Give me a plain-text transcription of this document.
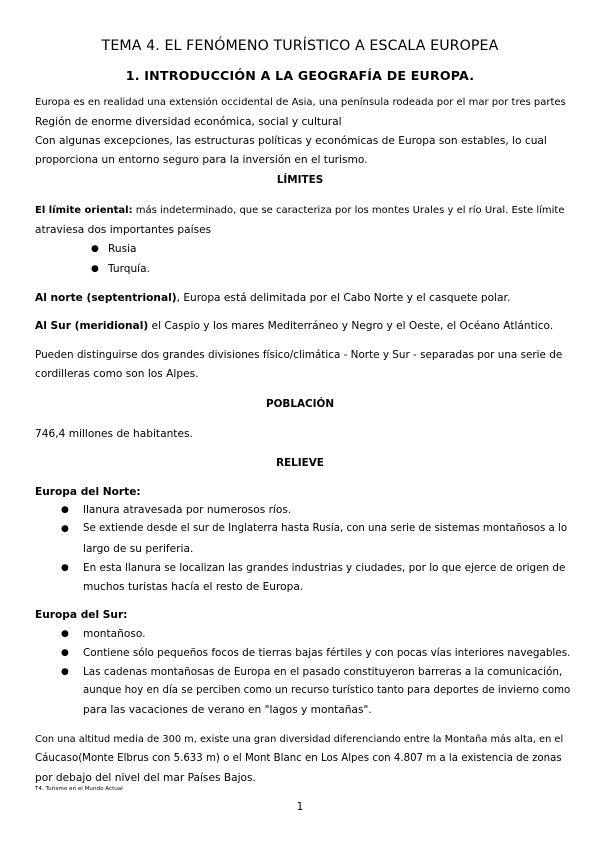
TEMA 4. EL FENÓMENO TURÍSTICO A ESCALA EUROPEA
1. INTRODUCCIÓN A LA GEOGRAFÍA DE EUROPA.
Europa es en realidad una extensión occidental de Asia, una península rodeada por el mar por tres partes
Región de enorme diversidad económica, social y cultural
Con algunas excepciones, las estructuras políticas y económicas de Europa son estables, lo cual
proporciona un entorno seguro para la inversión en el turismo.
LÍMITES
El límite oriental: más indeterminado, que se caracteriza por los montes Urales y el río Ural. Este límite
atraviesa dos importantes países
● Rusia
● Turquía.
Al norte (septentrional), Europa está delimitada por el Cabo Norte y el casquete polar.
Al Sur (meridional) el Caspio y los mares Mediterráneo y Negro y el Oeste, el Océano Atlántico.
Pueden distinguirse dos grandes divisiones físico/climática - Norte y Sur - separadas por una serie de
cordilleras como son los Alpes.
POBLACIÓN
746,4 millones de habitantes.
RELIEVE
Europa del Norte:
● llanura atravesada por numerosos ríos.
● Se extiende desde el sur de Inglaterra hasta Rusia, con una serie de sistemas montañosos a lo
largo de su periferia.
● En esta llanura se localizan las grandes industrias y ciudades, por lo que ejerce de origen de
muchos turistas hacía el resto de Europa.
Europa del Sur:
● montañoso.
● Contiene sólo pequeños focos de tierras bajas fértiles y con pocas vías interiores navegables.
● Las cadenas montañosas de Europa en el pasado constituyeron barreras a la comunicación,
aunque hoy en día se perciben como un recurso turístico tanto para deportes de invierno como
para las vacaciones de verano en "lagos y montañas".
Con una altitud media de 300 m, existe una gran diversidad diferenciando entre la Montaña más alta, en el
Cáucaso(Monte Elbrus con 5.633 m) o el Mont Blanc en Los Alpes con 4.807 m a la existencia de zonas
por debajo del nivel del mar Países Bajos.
T4. Turismo en el Mundo Actual
1
